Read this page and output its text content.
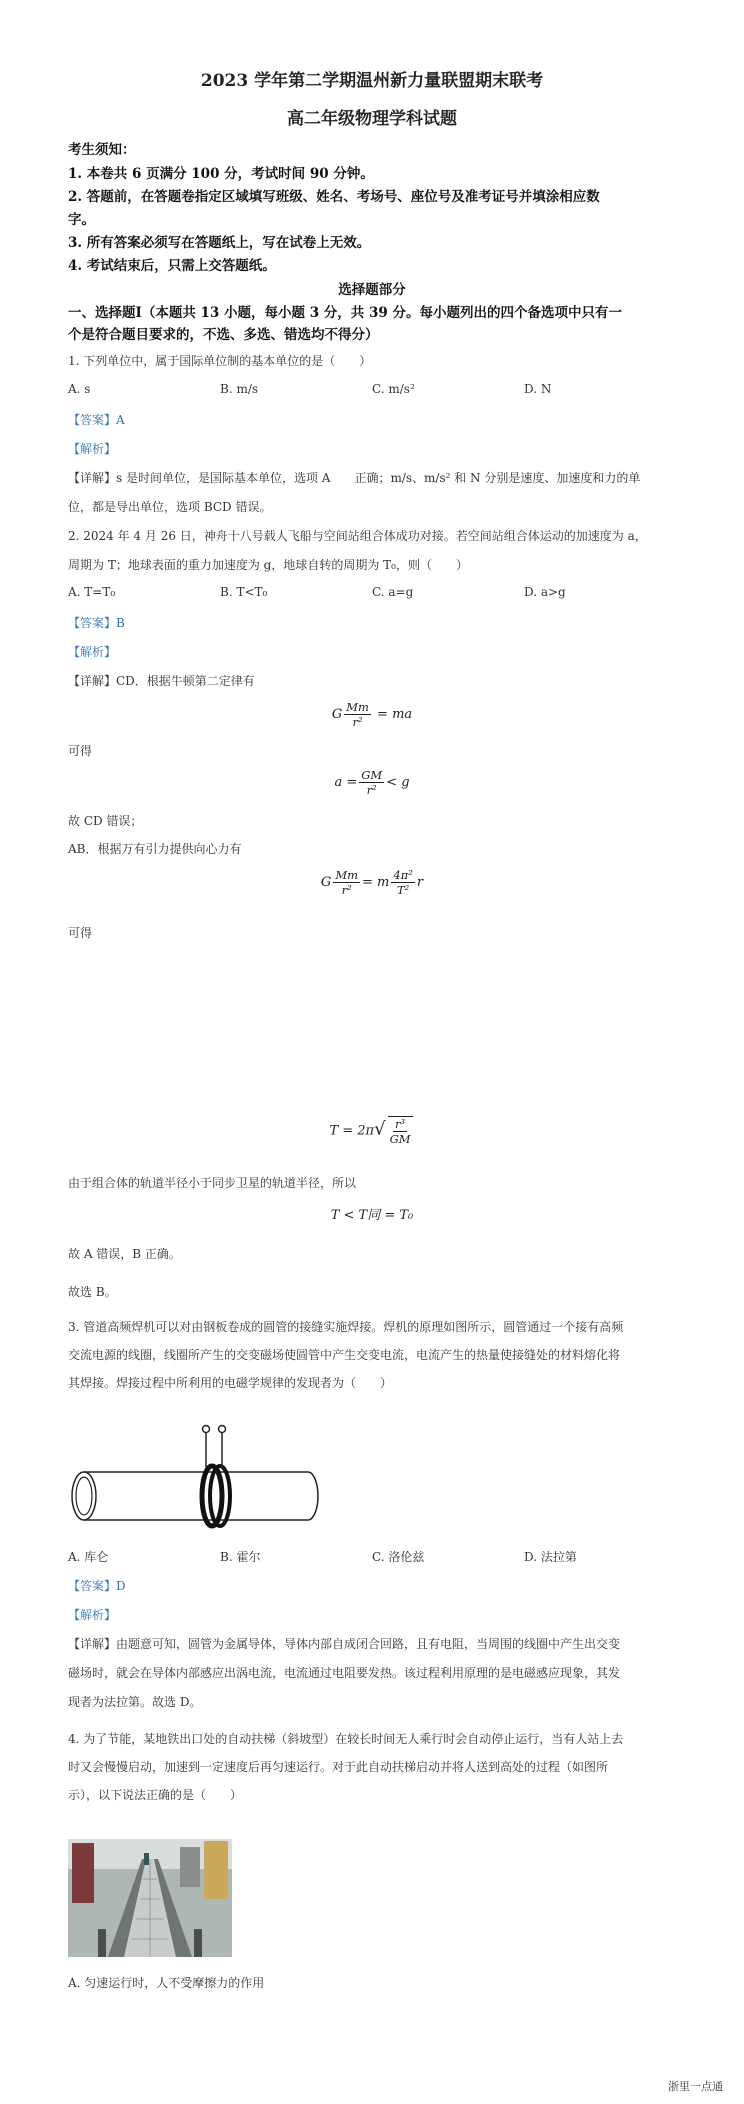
2023 学年第二学期温州新力量联盟期末联考
高二年级物理学科试题
考生须知：
1. 本卷共 6 页满分 100 分，考试时间 90 分钟。
2. 答题前，在答题卷指定区域填写班级、姓名、考场号、座位号及准考证号并填涂相应数
字。
3. 所有答案必须写在答题纸上，写在试卷上无效。
4. 考试结束后，只需上交答题纸。
选择题部分
一、选择题Ⅰ（本题共 13 小题，每小题 3 分，共 39 分。每小题列出的四个备选项中只有一
个是符合题目要求的，不选、多选、错选均不得分）
1. 下列单位中，属于国际单位制的基本单位的是（　　）
A. s	B. m/s	C. m/s²	D. N
【答案】A
【解析】
【详解】s 是时间单位，是国际基本单位，选项 A　　正确；m/s、m/s² 和 N 分别是速度、加速度和力的单
位，都是导出单位，选项 BCD 错误。
2. 2024 年 4 月 26 日，神舟十八号载人飞船与空间站组合体成功对接。若空间站组合体运动的加速度为 a，
周期为 T；地球表面的重力加速度为 g，地球自转的周期为 T₀，则（　　）
A. T=T₀	B. T<T₀	C. a=g	D. a>g
【答案】B
【解析】
【详解】CD．根据牛顿第二定律有
G $\frac{Mm}{\text{r²}}$ = ma
可得
$a = \frac{GM}{\text{r²}} < g$
故 CD 错误；
AB．根据万有引力提供向心力有
G $\frac{Mm}{\text{r²}} = m \frac{\text{4π²}}{\text{T²}}$ r
可得
$T = 2\pi√ \frac{\text{r³}}{GM}$
由于组合体的轨道半径小于同步卫星的轨道半径，所以
T < T同 = T₀
故 A 错误，B 正确。
故选 B。
3. 管道高频焊机可以对由钢板卷成的圆管的接缝实施焊接。焊机的原理如图所示，圆管通过一个接有高频
交流电源的线圈，线圈所产生的交变磁场使圆管中产生交变电流，电流产生的热量使接缝处的材料熔化将
其焊接。焊接过程中所利用的电磁学规律的发现者为（　　）
A. 库仑	B. 霍尔	C. 洛伦兹	D. 法拉第
【答案】D
【解析】
【详解】由题意可知，圆管为金属导体，导体内部自成闭合回路，且有电阻，当周围的线圈中产生出交变
磁场时，就会在导体内部感应出涡电流，电流通过电阻要发热。该过程利用原理的是电磁感应现象，其发
现者为法拉第。故选 D。
4. 为了节能，某地铁出口处的自动扶梯（斜坡型）在较长时间无人乘行时会自动停止运行，当有人站上去
时又会慢慢启动，加速到一定速度后再匀速运行。对于此自动扶梯启动并将人送到高处的过程（如图所
示），以下说法正确的是（　　）
A. 匀速运行时，人不受摩擦力的作用
浙里一点通
